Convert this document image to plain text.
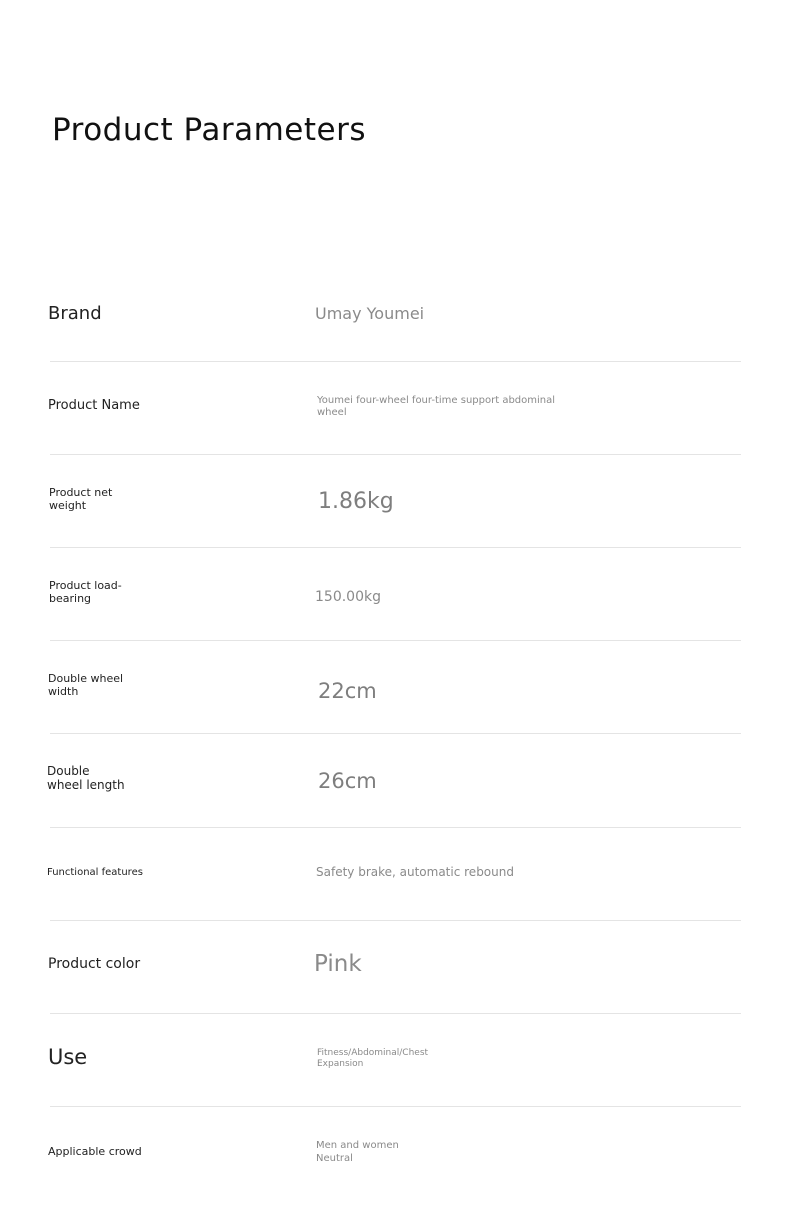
Product Parameters
Brand	Umay Youmei
Product Name	Youmei four-wheel four-time support abdominal
wheel
Product net
weight	1.86kg
Product load-
bearing	150.00kg
Double wheel
width	22cm
Double
wheel length	26cm
Functional features	Safety brake, automatic rebound
Product color	Pink
Use	Fitness/Abdominal/Chest
Expansion
Applicable crowd	Men and women
Neutral
